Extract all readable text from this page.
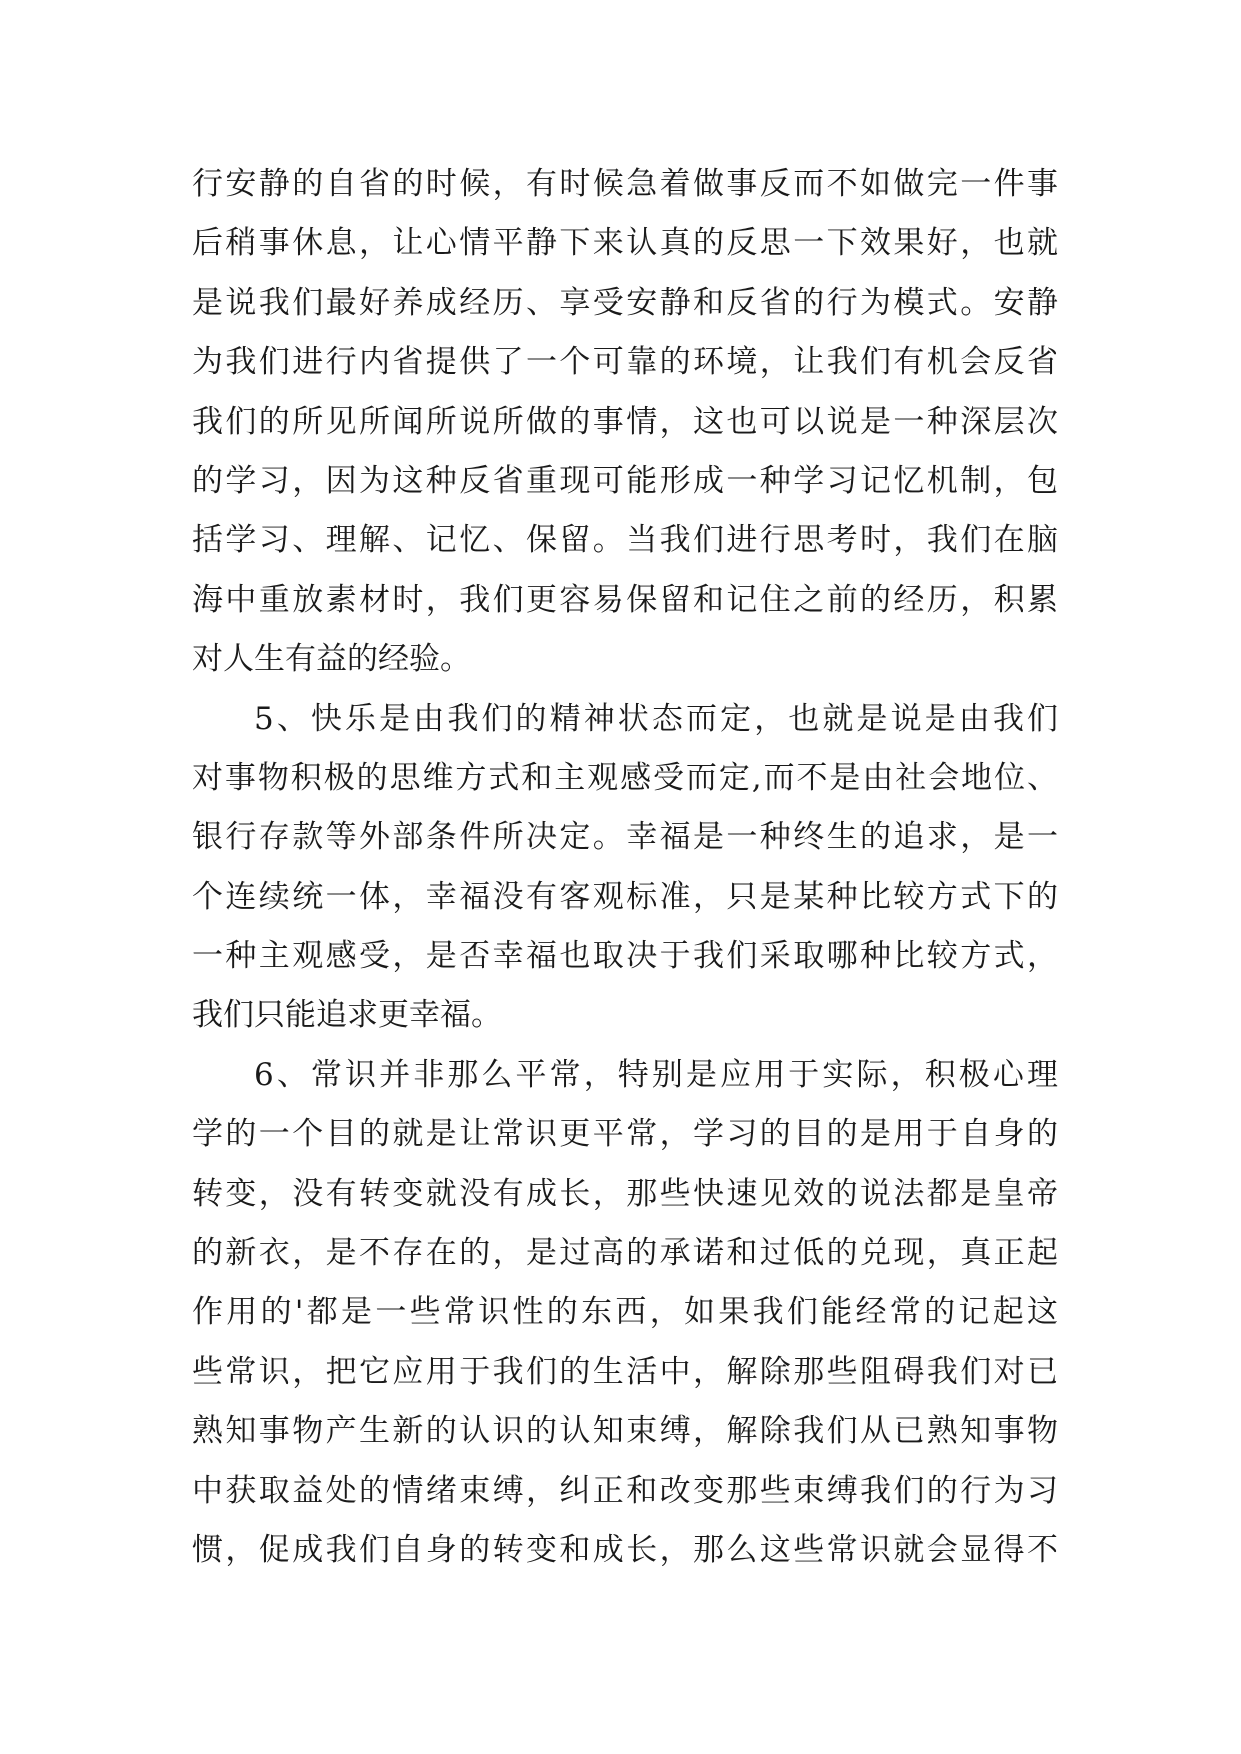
行安静的自省的时候，有时候急着做事反而不如做完一件事
后稍事休息，让心情平静下来认真的反思一下效果好，也就
是说我们最好养成经历、享受安静和反省的行为模式。安静
为我们进行内省提供了一个可靠的环境，让我们有机会反省
我们的所见所闻所说所做的事情，这也可以说是一种深层次
的学习，因为这种反省重现可能形成一种学习记忆机制，包
括学习、理解、记忆、保留。当我们进行思考时，我们在脑
海中重放素材时，我们更容易保留和记住之前的经历，积累
对人生有益的经验。
5、快乐是由我们的精神状态而定，也就是说是由我们
对事物积极的思维方式和主观感受而定,而不是由社会地位、
银行存款等外部条件所决定。幸福是一种终生的追求，是一
个连续统一体，幸福没有客观标准，只是某种比较方式下的
一种主观感受，是否幸福也取决于我们采取哪种比较方式，
我们只能追求更幸福。
6、常识并非那么平常，特别是应用于实际，积极心理
学的一个目的就是让常识更平常，学习的目的是用于自身的
转变，没有转变就没有成长，那些快速见效的说法都是皇帝
的新衣，是不存在的，是过高的承诺和过低的兑现，真正起
作用的'都是一些常识性的东西，如果我们能经常的记起这
些常识，把它应用于我们的生活中，解除那些阻碍我们对已
熟知事物产生新的认识的认知束缚，解除我们从已熟知事物
中获取益处的情绪束缚，纠正和改变那些束缚我们的行为习
惯，促成我们自身的转变和成长，那么这些常识就会显得不
